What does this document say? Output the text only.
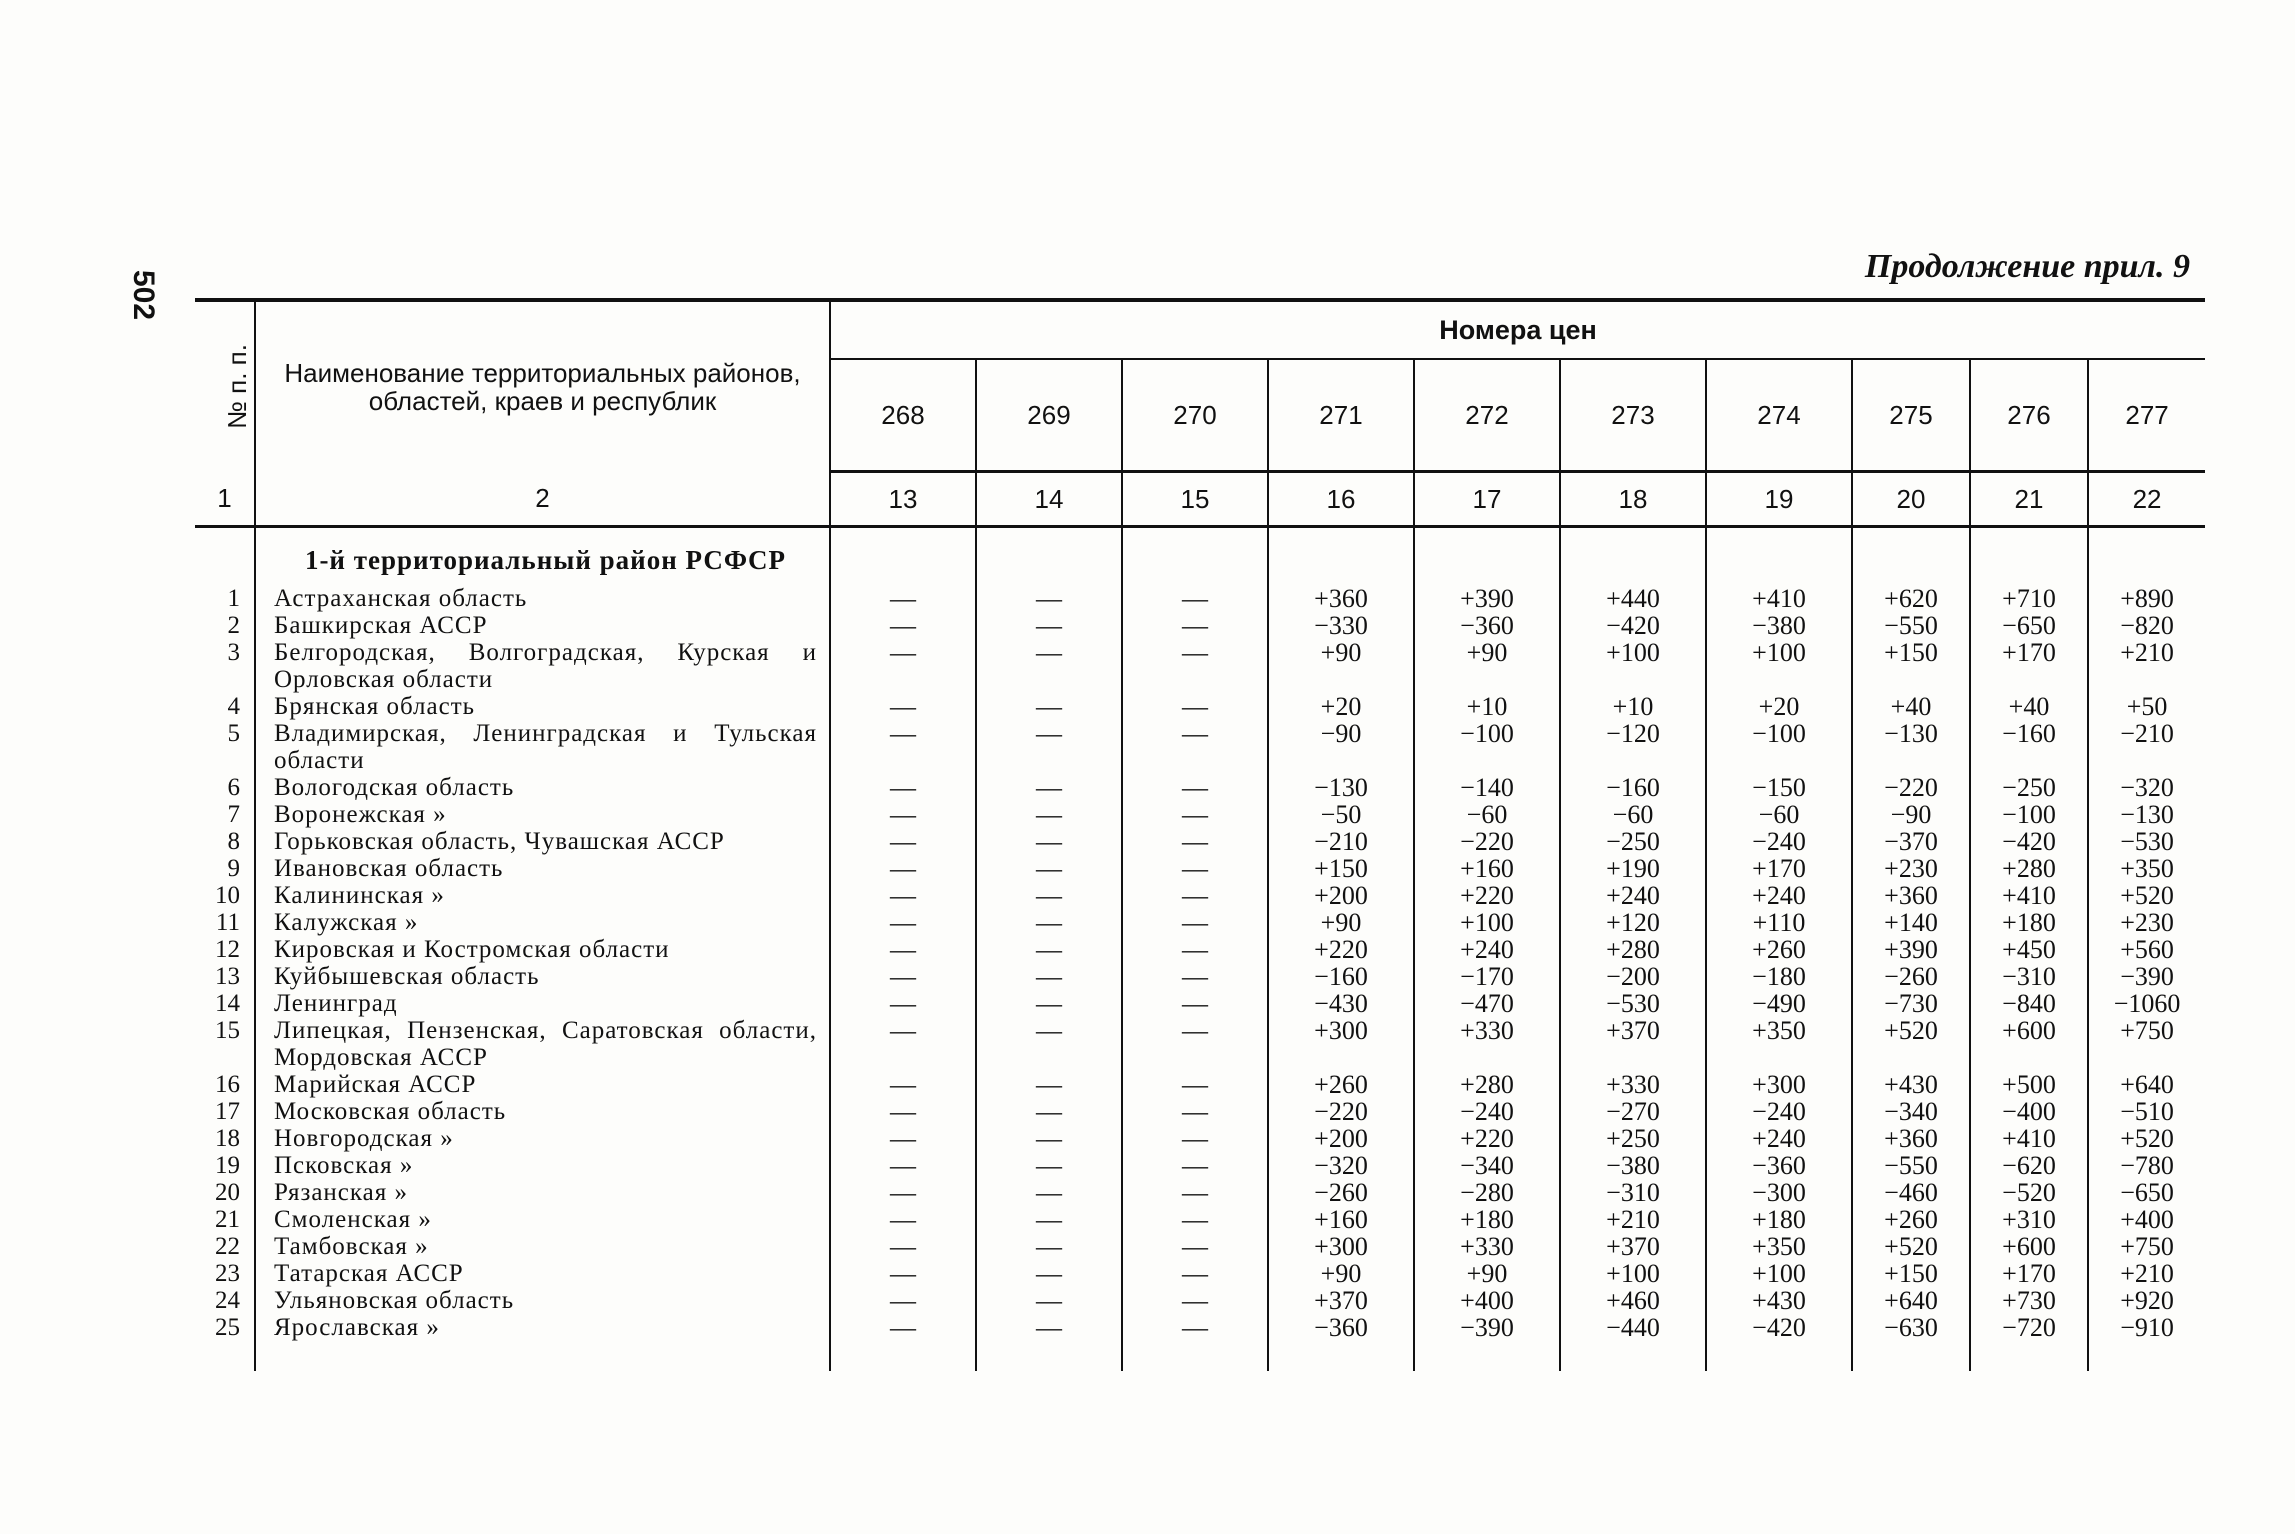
502
Продолжение прил. 9
№ п. п.	Наименование территориальных районов, областей, краев и республик	Номера цен									
		268	269	270	271	272	273	274	275	276	277
1	2	13	14	15	16	17	18	19	20	21	22
	1-й территориальный район РСФСР										
1	Астраханская область	—	—	—	+360	+390	+440	+410	+620	+710	+890
2	Башкирская АССР	—	—	—	−330	−360	−420	−380	−550	−650	−820
3	Белгородская, Волгоградская, Курская и Орловская области	—	—	—	+90	+90	+100	+100	+150	+170	+210
4	Брянская область	—	—	—	+20	+10	+10	+20	+40	+40	+50
5	Владимирская, Ленинградская и Тульская области	—	—	—	−90	−100	−120	−100	−130	−160	−210
6	Вологодская область	—	—	—	−130	−140	−160	−150	−220	−250	−320
7	Воронежская »	—	—	—	−50	−60	−60	−60	−90	−100	−130
8	Горьковская область, Чувашская АССР	—	—	—	−210	−220	−250	−240	−370	−420	−530
9	Ивановская область	—	—	—	+150	+160	+190	+170	+230	+280	+350
10	Калининская »	—	—	—	+200	+220	+240	+240	+360	+410	+520
11	Калужская »	—	—	—	+90	+100	+120	+110	+140	+180	+230
12	Кировская и Костромская области	—	—	—	+220	+240	+280	+260	+390	+450	+560
13	Куйбышевская область	—	—	—	−160	−170	−200	−180	−260	−310	−390
14	Ленинград	—	—	—	−430	−470	−530	−490	−730	−840	−1060
15	Липецкая, Пензенская, Саратовская области, Мордовская АССР	—	—	—	+300	+330	+370	+350	+520	+600	+750
16	Марийская АССР	—	—	—	+260	+280	+330	+300	+430	+500	+640
17	Московская область	—	—	—	−220	−240	−270	−240	−340	−400	−510
18	Новгородская »	—	—	—	+200	+220	+250	+240	+360	+410	+520
19	Псковская »	—	—	—	−320	−340	−380	−360	−550	−620	−780
20	Рязанская »	—	—	—	−260	−280	−310	−300	−460	−520	−650
21	Смоленская »	—	—	—	+160	+180	+210	+180	+260	+310	+400
22	Тамбовская »	—	—	—	+300	+330	+370	+350	+520	+600	+750
23	Татарская АССР	—	—	—	+90	+90	+100	+100	+150	+170	+210
24	Ульяновская область	—	—	—	+370	+400	+460	+430	+640	+730	+920
25	Ярославская »	—	—	—	−360	−390	−440	−420	−630	−720	−910
